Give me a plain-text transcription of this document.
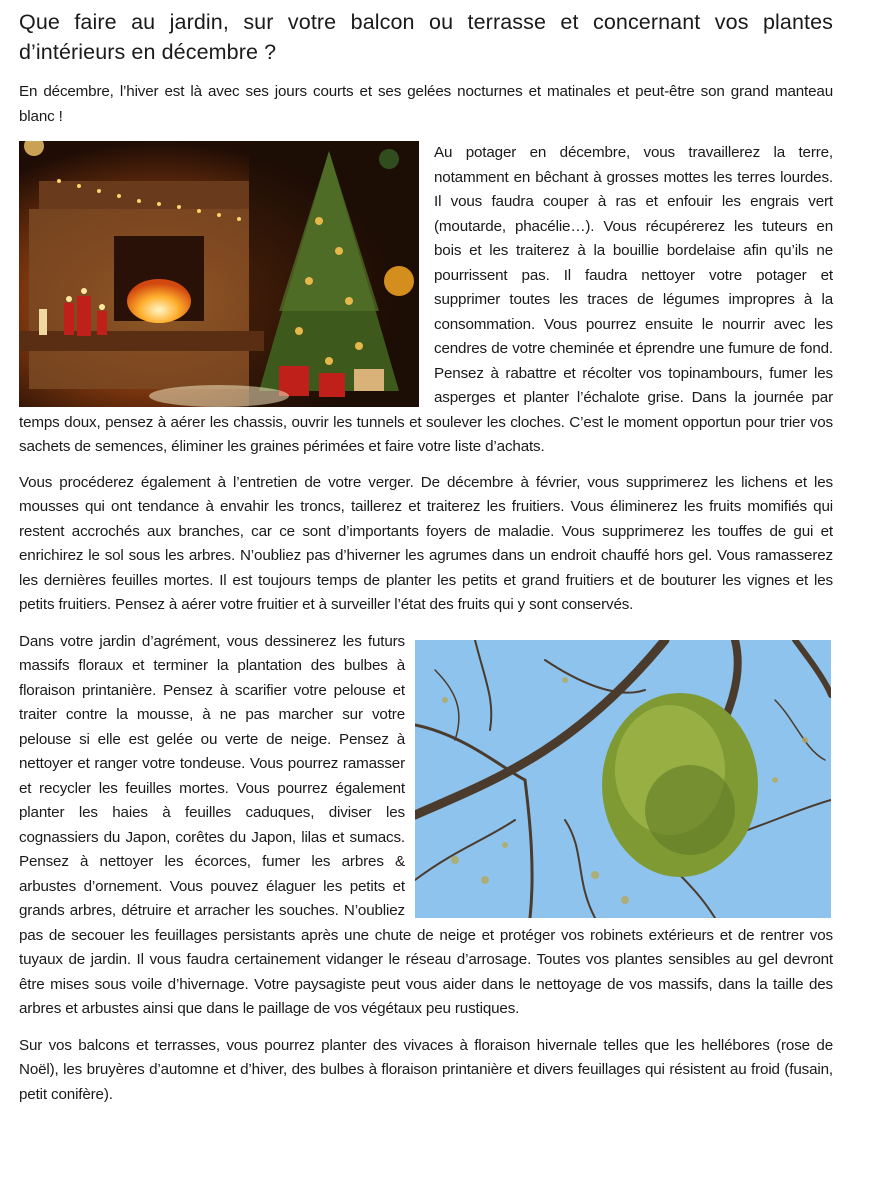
Que faire au jardin, sur votre balcon ou terrasse et concernant vos plantes d’intérieurs en décembre ?

En décembre, l’hiver est là avec ses jours courts et ses gelées nocturnes et matinales et peut-être son grand manteau blanc !

Au potager en décembre, vous travaillerez la terre, notamment en bêchant à grosses mottes les terres lourdes. Il vous faudra couper à ras et enfouir les engrais vert (moutarde, phacélie…). Vous récupérerez les tuteurs en bois et les traiterez à la bouillie bordelaise afin qu’ils ne pourrissent pas. Il faudra nettoyer votre potager et supprimer toutes les traces de légumes impropres à la consommation. Vous pourrez ensuite le nourrir avec les cendres de votre cheminée et éprendre une fumure de fond. Pensez à rabattre et récolter vos topinambours, fumer les asperges et planter l’échalote grise. Dans la journée par temps doux, pensez à aérer les chassis, ouvrir les tunnels et soulever les cloches. C’est le moment opportun pour trier vos sachets de semences, éliminer les graines périmées et faire votre liste d’achats.

Vous procéderez également à l’entretien de votre verger. De décembre à février, vous supprimerez les lichens et les mousses qui ont tendance à envahir les troncs, taillerez et traiterez les fruitiers. Vous éliminerez les fruits momifiés qui restent accrochés aux branches, car ce sont d’importants foyers de maladie. Vous supprimerez les touffes de gui et enrichirez le sol sous les arbres. N’oubliez pas d’hiverner les agrumes dans un endroit chauffé hors gel. Vous ramasserez les dernières feuilles mortes. Il est toujours temps de planter les petits et grand fruitiers et de bouturer les vignes et les petits fruitiers. Pensez à aérer votre fruitier et à surveiller l’état des fruits qui y sont conservés.

Dans votre jardin d’agrément, vous dessinerez les futurs massifs floraux et terminer la plantation des bulbes à floraison printanière. Pensez à scarifier votre pelouse et traiter contre la mousse, à ne pas marcher sur votre pelouse si elle est gelée ou verte de neige. Pensez à nettoyer et ranger votre tondeuse. Vous pourrez ramasser et recycler les feuilles mortes. Vous pourrez également planter les haies à feuilles caduques, diviser les cognassiers du Japon, corêtes du Japon, lilas et sumacs. Pensez à nettoyer les écorces, fumer les arbres & arbustes d’ornement. Vous pouvez élaguer les petits et grands arbres, détruire et arracher les souches. N’oubliez pas de secouer les feuillages persistants après une chute de neige et protéger vos robinets extérieurs et de rentrer vos tuyaux de jardin. Il vous faudra certainement vidanger le réseau d’arrosage. Toutes vos plantes sensibles au gel devront être mises sous voile d’hivernage. Votre paysagiste peut vous aider dans le nettoyage de vos massifs, dans la taille des arbres et arbustes ainsi que dans le paillage de vos végétaux peu rustiques.

Sur vos balcons et terrasses, vous pourrez planter des vivaces à floraison hivernale telles que les hellébores (rose de Noël), les bruyères d’automne et d’hiver, des bulbes à floraison printanière et divers feuillages qui résistent au froid (fusain, petit conifère).
